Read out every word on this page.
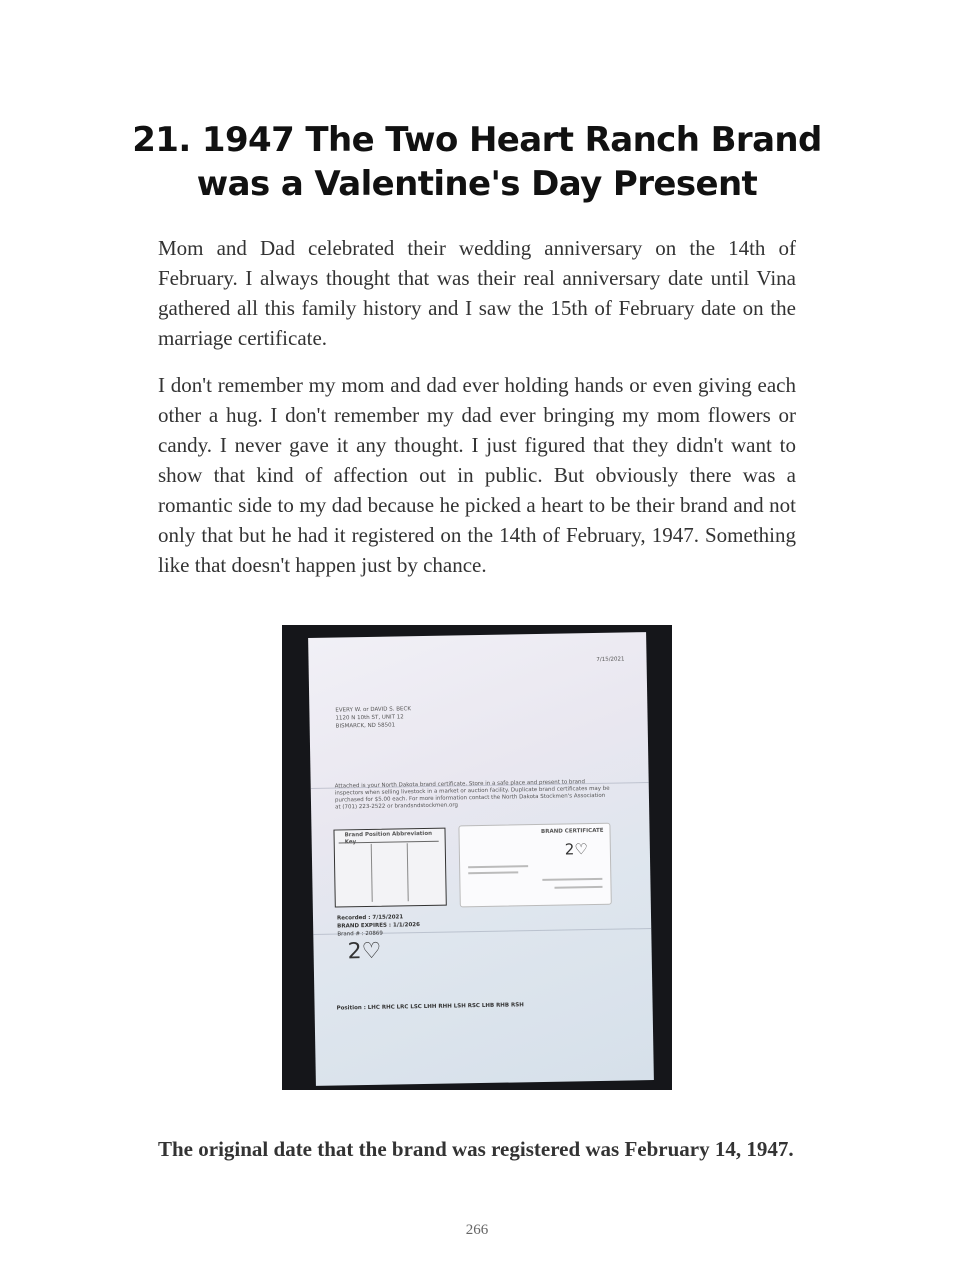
21. 1947 The Two Heart Ranch Brand was a Valentine's Day Present

Mom and Dad celebrated their wedding anniversary on the 14th of February. I always thought that was their real anniversary date until Vina gathered all this family history and I saw the 15th of February date on the marriage certificate.

I don't remember my mom and dad ever holding hands or even giving each other a hug. I don't remember my dad ever bringing my mom flowers or candy. I never gave it any thought. I just figured that they didn't want to show that kind of affection out in public. But obviously there was a romantic side to my dad because he picked a heart to be their brand and not only that but he had it registered on the 14th of February, 1947. Something like that doesn't happen just by chance.

7/15/2021
EVERY W. or DAVID S. BECK
1120 N 10th ST, UNIT 12
BISMARCK, ND 58501
Attached is your North Dakota brand certificate. Store in a safe place and present to brand inspectors when selling livestock in a market or auction facility. Duplicate brand certificates may be purchased for $5.00 each. For more information contact the North Dakota Stockmen's Association at (701) 223-2522 or brandsndstockmen.org
Brand Position Abbreviation	BRAND CERTIFICATE
2♡
Recorded : 7/15/2021
BRAND EXPIRES : 1/1/2026
Brand # : 20869
2♡
Position : LHC RHC LRC LSC LHH RHH LSH RSC LHB RHB RSH

The original date that the brand was registered was February 14, 1947.

266
